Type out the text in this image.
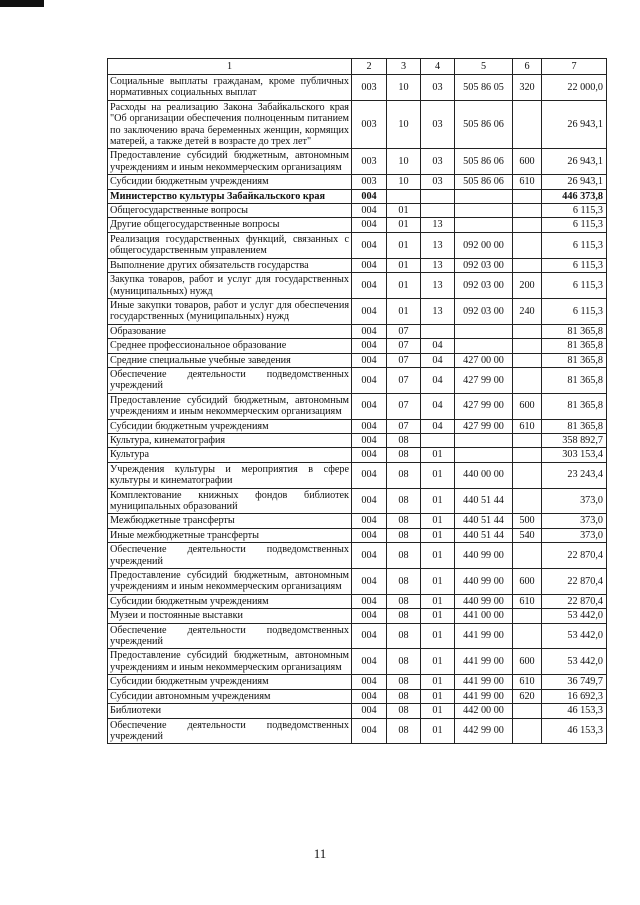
1	2	3	4	5	6	7
Социальные выплаты гражданам, кроме публичных нормативных социальных выплат	003	10	03	505 86 05	320	22 000,0
Расходы на реализацию Закона Забайкальского края "Об организации обеспечения полноценным питанием по заключению врача беременных женщин, кормящих матерей, а также детей в возрасте до трех лет"	003	10	03	505 86 06		26 943,1
Предоставление субсидий бюджетным, автономным учреждениям и иным некоммерческим организациям	003	10	03	505 86 06	600	26 943,1
Субсидии бюджетным учреждениям	003	10	03	505 86 06	610	26 943,1
Министерство культуры Забайкальского края	004					446 373,8
Общегосударственные вопросы	004	01				6 115,3
Другие общегосударственные вопросы	004	01	13			6 115,3
Реализация государственных функций, связанных с общегосударственным управлением	004	01	13	092 00 00		6 115,3
Выполнение других обязательств государства	004	01	13	092 03 00		6 115,3
Закупка товаров, работ и услуг для государственных (муниципальных) нужд	004	01	13	092 03 00	200	6 115,3
Иные закупки товаров, работ и услуг для обеспечения государственных (муниципальных) нужд	004	01	13	092 03 00	240	6 115,3
Образование	004	07				81 365,8
Среднее профессиональное образование	004	07	04			81 365,8
Средние специальные учебные заведения	004	07	04	427 00 00		81 365,8
Обеспечение деятельности подведомственных учреждений	004	07	04	427 99 00		81 365,8
Предоставление субсидий бюджетным, автономным учреждениям и иным некоммерческим организациям	004	07	04	427 99 00	600	81 365,8
Субсидии бюджетным учреждениям	004	07	04	427 99 00	610	81 365,8
Культура, кинематография	004	08				358 892,7
Культура	004	08	01			303 153,4
Учреждения культуры и мероприятия в сфере культуры и кинематографии	004	08	01	440 00 00		23 243,4
Комплектование книжных фондов библиотек муниципальных образований	004	08	01	440 51 44		373,0
Межбюджетные трансферты	004	08	01	440 51 44	500	373,0
Иные межбюджетные трансферты	004	08	01	440 51 44	540	373,0
Обеспечение деятельности подведомственных учреждений	004	08	01	440 99 00		22 870,4
Предоставление субсидий бюджетным, автономным учреждениям и иным некоммерческим организациям	004	08	01	440 99 00	600	22 870,4
Субсидии бюджетным учреждениям	004	08	01	440 99 00	610	22 870,4
Музеи и постоянные выставки	004	08	01	441 00 00		53 442,0
Обеспечение деятельности подведомственных учреждений	004	08	01	441 99 00		53 442,0
Предоставление субсидий бюджетным, автономным учреждениям и иным некоммерческим организациям	004	08	01	441 99 00	600	53 442,0
Субсидии бюджетным учреждениям	004	08	01	441 99 00	610	36 749,7
Субсидии автономным учреждениям	004	08	01	441 99 00	620	16 692,3
Библиотеки	004	08	01	442 00 00		46 153,3
Обеспечение деятельности подведомственных учреждений	004	08	01	442 99 00		46 153,3
11
